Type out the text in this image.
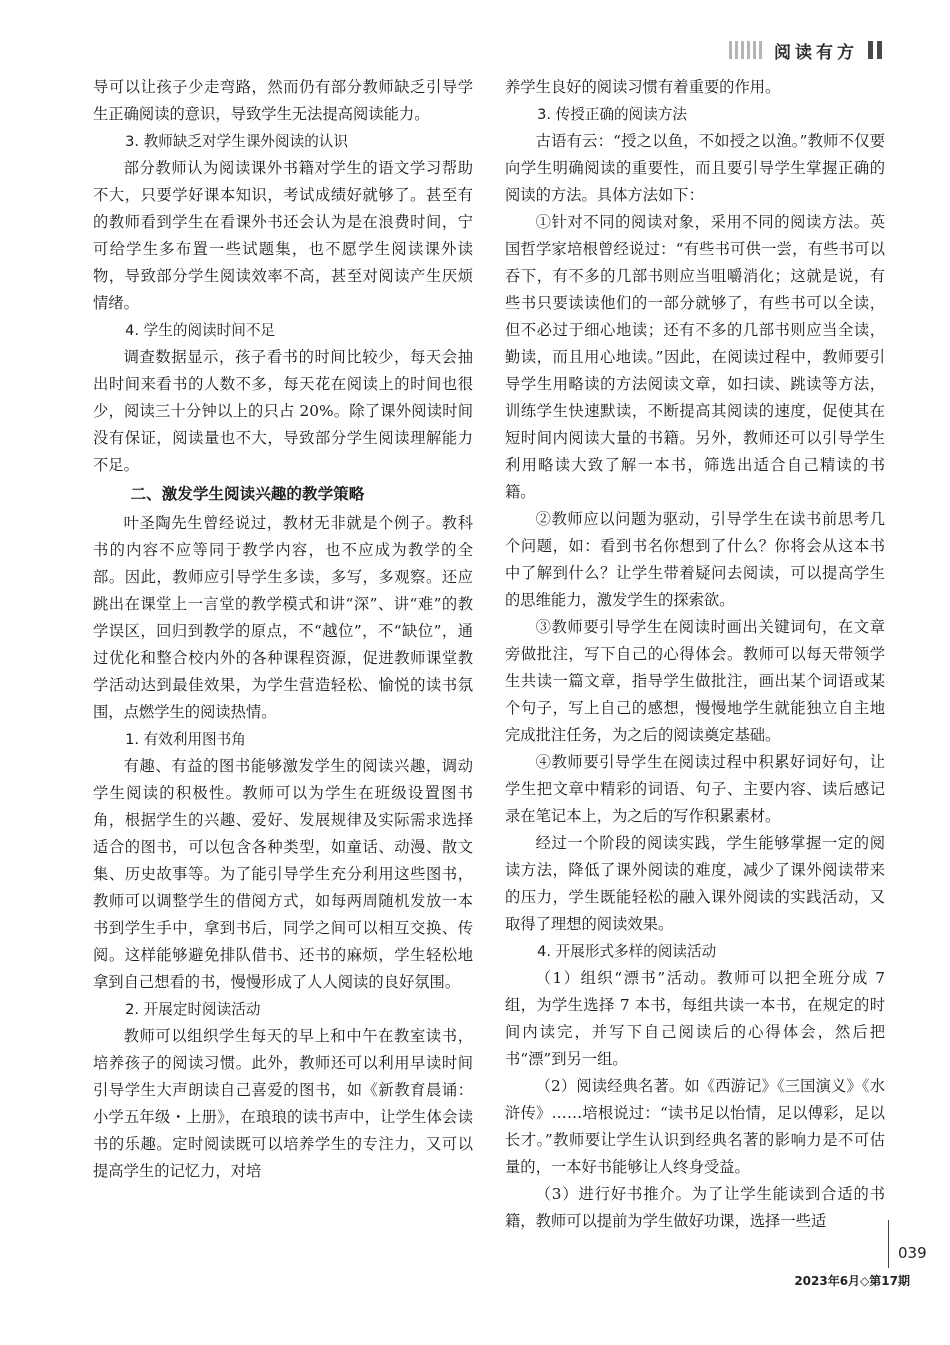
阅读有方

导可以让孩子少走弯路，然而仍有部分教师缺乏引导学生正确阅读的意识，导致学生无法提高阅读能力。

3. 教师缺乏对学生课外阅读的认识

部分教师认为阅读课外书籍对学生的语文学习帮助不大，只要学好课本知识，考试成绩好就够了。甚至有的教师看到学生在看课外书还会认为是在浪费时间，宁可给学生多布置一些试题集，也不愿学生阅读课外读物，导致部分学生阅读效率不高，甚至对阅读产生厌烦情绪。

4. 学生的阅读时间不足

调查数据显示，孩子看书的时间比较少，每天会抽出时间来看书的人数不多，每天花在阅读上的时间也很少，阅读三十分钟以上的只占 20%。除了课外阅读时间没有保证，阅读量也不大，导致部分学生阅读理解能力不足。

二、激发学生阅读兴趣的教学策略

叶圣陶先生曾经说过，教材无非就是个例子。教科书的内容不应等同于教学内容，也不应成为教学的全部。因此，教师应引导学生多读，多写，多观察。还应跳出在课堂上一言堂的教学模式和讲“深”、讲“难”的教学误区，回归到教学的原点，不“越位”，不“缺位”，通过优化和整合校内外的各种课程资源，促进教师课堂教学活动达到最佳效果，为学生营造轻松、愉悦的读书氛围，点燃学生的阅读热情。

1. 有效利用图书角

有趣、有益的图书能够激发学生的阅读兴趣，调动学生阅读的积极性。教师可以为学生在班级设置图书角，根据学生的兴趣、爱好、发展规律及实际需求选择适合的图书，可以包含各种类型，如童话、动漫、散文集、历史故事等。为了能引导学生充分利用这些图书，教师可以调整学生的借阅方式，如每两周随机发放一本书到学生手中，拿到书后，同学之间可以相互交换、传阅。这样能够避免排队借书、还书的麻烦，学生轻松地拿到自己想看的书，慢慢形成了人人阅读的良好氛围。

2. 开展定时阅读活动

教师可以组织学生每天的早上和中午在教室读书，培养孩子的阅读习惯。此外，教师还可以利用早读时间引导学生大声朗读自己喜爱的图书，如《新教育晨诵：小学五年级・上册》，在琅琅的读书声中，让学生体会读书的乐趣。定时阅读既可以培养学生的专注力，又可以提高学生的记忆力，对培

养学生良好的阅读习惯有着重要的作用。

3. 传授正确的阅读方法

古语有云：“授之以鱼，不如授之以渔。”教师不仅要向学生明确阅读的重要性，而且要引导学生掌握正确的阅读的方法。具体方法如下：

①针对不同的阅读对象，采用不同的阅读方法。英国哲学家培根曾经说过：“有些书可供一尝，有些书可以吞下，有不多的几部书则应当咀嚼消化；这就是说，有些书只要读读他们的一部分就够了，有些书可以全读，但不必过于细心地读；还有不多的几部书则应当全读，勤读，而且用心地读。”因此，在阅读过程中，教师要引导学生用略读的方法阅读文章，如扫读、跳读等方法，训练学生快速默读，不断提高其阅读的速度，促使其在短时间内阅读大量的书籍。另外，教师还可以引导学生利用略读大致了解一本书，筛选出适合自己精读的书籍。

②教师应以问题为驱动，引导学生在读书前思考几个问题，如：看到书名你想到了什么？你将会从这本书中了解到什么？让学生带着疑问去阅读，可以提高学生的思维能力，激发学生的探索欲。

③教师要引导学生在阅读时画出关键词句，在文章旁做批注，写下自己的心得体会。教师可以每天带领学生共读一篇文章，指导学生做批注，画出某个词语或某个句子，写上自己的感想，慢慢地学生就能独立自主地完成批注任务，为之后的阅读奠定基础。

④教师要引导学生在阅读过程中积累好词好句，让学生把文章中精彩的词语、句子、主要内容、读后感记录在笔记本上，为之后的写作积累素材。

经过一个阶段的阅读实践，学生能够掌握一定的阅读方法，降低了课外阅读的难度，减少了课外阅读带来的压力，学生既能轻松的融入课外阅读的实践活动，又取得了理想的阅读效果。

4. 开展形式多样的阅读活动

（1）组织“漂书”活动。教师可以把全班分成 7 组，为学生选择 7 本书，每组共读一本书，在规定的时间内读完，并写下自己阅读后的心得体会，然后把书“漂”到另一组。

（2）阅读经典名著。如《西游记》《三国演义》《水浒传》……培根说过：“读书足以怡情，足以傅彩，足以长才。”教师要让学生认识到经典名著的影响力是不可估量的，一本好书能够让人终身受益。

（3）进行好书推介。为了让学生能读到合适的书籍，教师可以提前为学生做好功课，选择一些适

039
2023年6月◇第17期
